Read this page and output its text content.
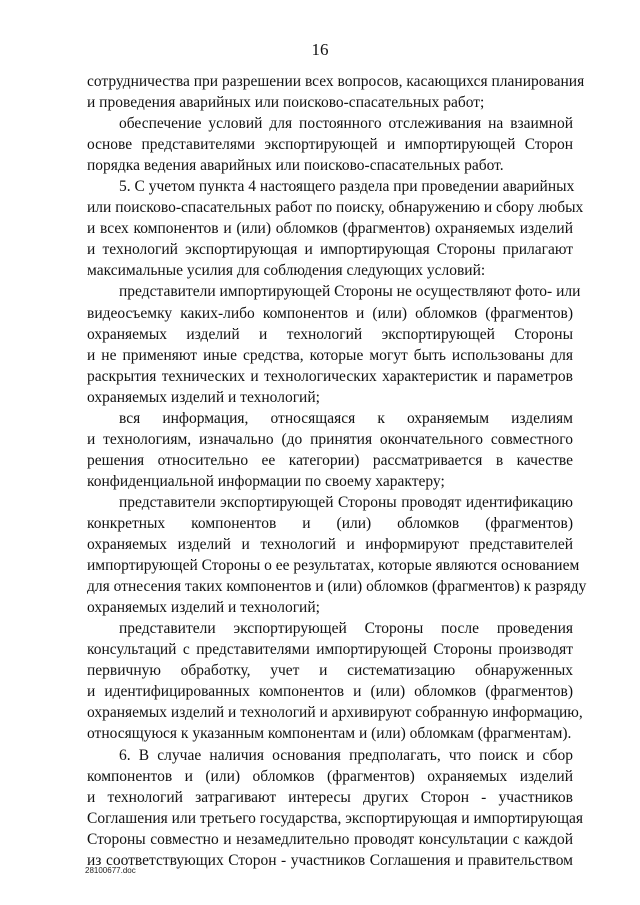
16
сотрудничества при разрешении всех вопросов, касающихся планирования
и проведения аварийных или поисково-спасательных работ;
обеспечение условий для постоянного отслеживания на взаимной
основе представителями экспортирующей и импортирующей Сторон
порядка ведения аварийных или поисково-спасательных работ.
5. С учетом пункта 4 настоящего раздела при проведении аварийных
или поисково-спасательных работ по поиску, обнаружению и сбору любых
и всех компонентов и (или) обломков (фрагментов) охраняемых изделий
и технологий экспортирующая и импортирующая Стороны прилагают
максимальные усилия для соблюдения следующих условий:
представители импортирующей Стороны не осуществляют фото- или
видеосъемку каких-либо компонентов и (или) обломков (фрагментов)
охраняемых изделий и технологий экспортирующей Стороны
и не применяют иные средства, которые могут быть использованы для
раскрытия технических и технологических характеристик и параметров
охраняемых изделий и технологий;
вся информация, относящаяся к охраняемым изделиям
и технологиям, изначально (до принятия окончательного совместного
решения относительно ее категории) рассматривается в качестве
конфиденциальной информации по своему характеру;
представители экспортирующей Стороны проводят идентификацию
конкретных компонентов и (или) обломков (фрагментов)
охраняемых изделий и технологий и информируют представителей
импортирующей Стороны о ее результатах, которые являются основанием
для отнесения таких компонентов и (или) обломков (фрагментов) к разряду
охраняемых изделий и технологий;
представители экспортирующей Стороны после проведения
консультаций с представителями импортирующей Стороны производят
первичную обработку, учет и систематизацию обнаруженных
и идентифицированных компонентов и (или) обломков (фрагментов)
охраняемых изделий и технологий и архивируют собранную информацию,
относящуюся к указанным компонентам и (или) обломкам (фрагментам).
6. В случае наличия основания предполагать, что поиск и сбор
компонентов и (или) обломков (фрагментов) охраняемых изделий
и технологий затрагивают интересы других Сторон - участников
Соглашения или третьего государства, экспортирующая и импортирующая
Стороны совместно и незамедлительно проводят консультации с каждой
из соответствующих Сторон - участников Соглашения и правительством
28100677.doc
